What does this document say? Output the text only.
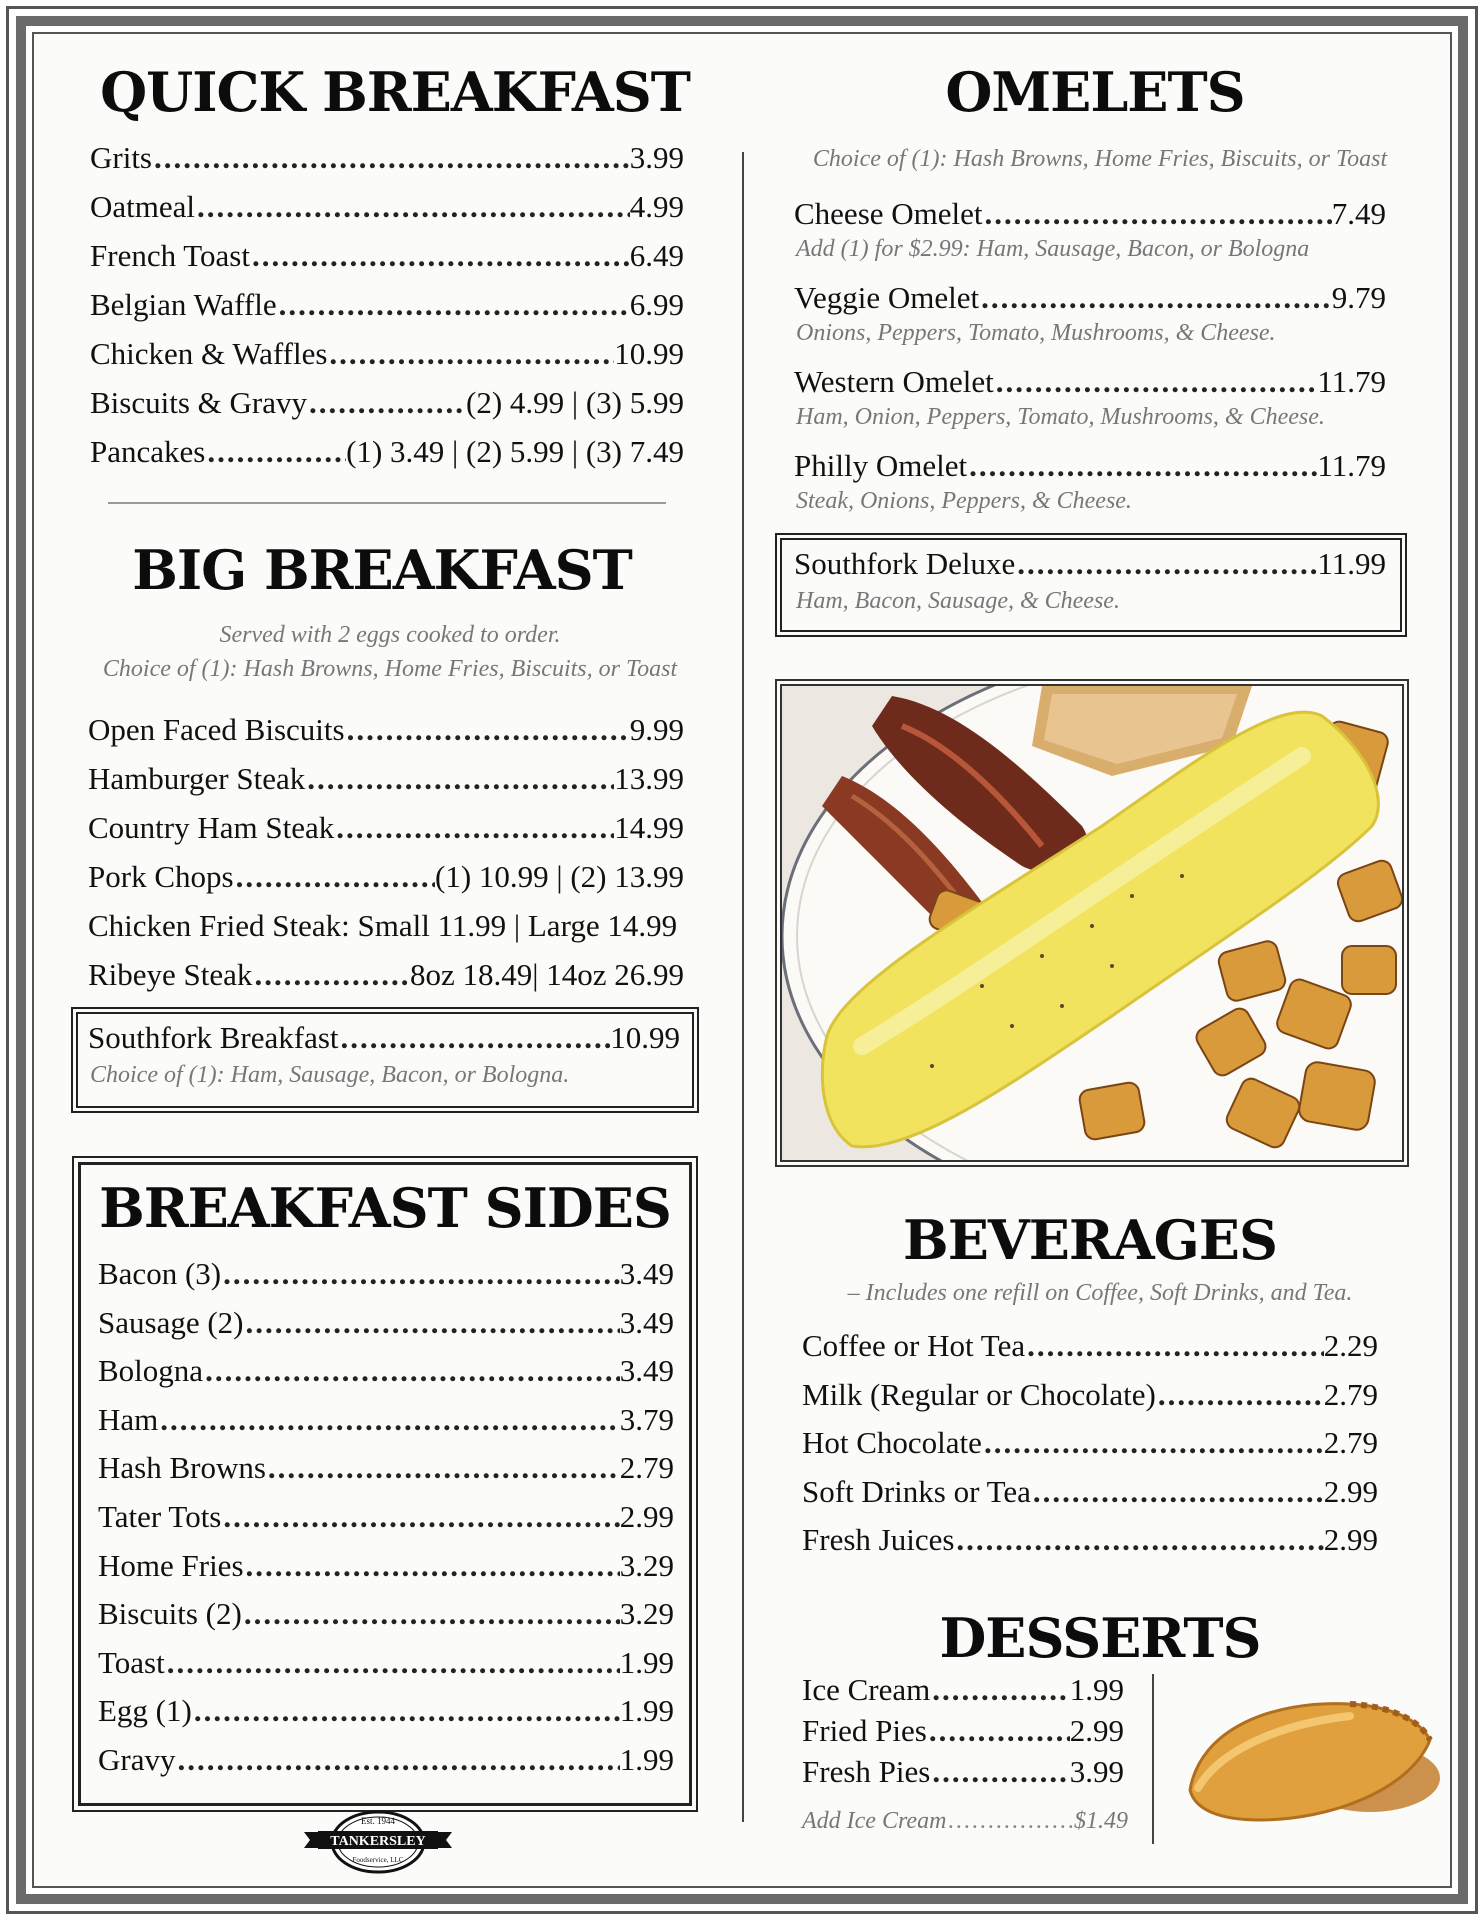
QUICK BREAKFAST
Grits .....	3.99
Oatmeal .....	4.99
French Toast .....	6.49
Belgian Waffle .....	6.99
Chicken & Waffles .....	10.99
Biscuits & Gravy .....	(2) 4.99 | (3) 5.99
Pancakes .....	(1) 3.49 | (2) 5.99 | (3) 7.49
BIG BREAKFAST
Served with 2 eggs cooked to order.
Choice of (1): Hash Browns, Home Fries, Biscuits, or Toast
Open Faced Biscuits .....	9.99
Hamburger Steak .....	13.99
Country Ham Steak .....	14.99
Pork Chops .....	(1) 10.99 | (2) 13.99
Chicken Fried Steak: Small 11.99 | Large 14.99
Ribeye Steak .....	8oz 18.49| 14oz 26.99
Southfork Breakfast .....	10.99
Choice of (1): Ham, Sausage, Bacon, or Bologna.
BREAKFAST SIDES
Bacon (3) .....	3.49
Sausage (2) .....	3.49
Bologna .....	3.49
Ham .....	3.79
Hash Browns .....	2.79
Tater Tots .....	2.99
Home Fries .....	3.29
Biscuits (2) .....	3.29
Toast .....	1.99
Egg (1) .....	1.99
Gravy .....	1.99
Est. 1944
TANKERSLEY
Foodservice, LLC
OMELETS
Choice of (1): Hash Browns, Home Fries, Biscuits, or Toast
Cheese Omelet .....	7.49
Add (1) for $2.99: Ham, Sausage, Bacon, or Bologna
Veggie Omelet .....	9.79
Onions, Peppers, Tomato, Mushrooms, & Cheese.
Western Omelet .....	11.79
Ham, Onion, Peppers, Tomato, Mushrooms, & Cheese.
Philly Omelet .....	11.79
Steak, Onions, Peppers, & Cheese.
Southfork Deluxe .....	11.99
Ham, Bacon, Sausage, & Cheese.
BEVERAGES
– Includes one refill on Coffee, Soft Drinks, and Tea.
Coffee or Hot Tea .....	2.29
Milk (Regular or Chocolate) .....	2.79
Hot Chocolate .....	2.79
Soft Drinks or Tea .....	2.99
Fresh Juices .....	2.99
DESSERTS
Ice Cream .....	1.99
Fried Pies .....	2.99
Fresh Pies .....	3.99
Add Ice Cream .....	$1.49
